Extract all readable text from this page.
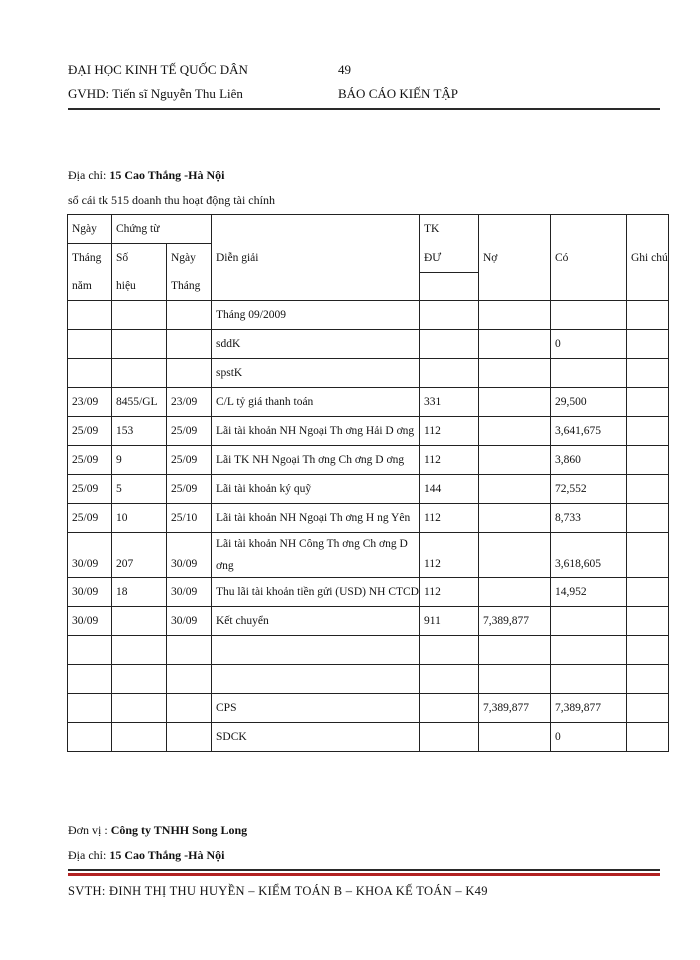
ĐẠI HỌC KINH TẾ QUỐC DÂN	49
GVHD: Tiến sĩ Nguyễn Thu Liên	BÁO CÁO KIẾN TẬP
Địa chỉ: 15 Cao Thắng -Hà Nội
sổ cái tk 515 doanh thu hoạt động tài chính
Ngày	Chứng từ		Diễn giải	TK	Nợ	Có	Ghi chú
Tháng	Số	Ngày		ĐƯ			
năm	hiệu	Tháng					
			Tháng 09/2009				
			sddK			0	
			spstK				
23/09	8455/GL	23/09	C/L tỷ giá thanh toán	331		29,500	
25/09	153	25/09	Lãi tài khoản NH Ngoại Th ơng Hải D ơng	112		3,641,675	
25/09	9	25/09	Lãi TK NH Ngoại Th ơng Ch ơng D ơng	112		3,860	
25/09	5	25/09	Lãi tài khoản ký quỹ	144		72,552	
25/09	10	25/10	Lãi tài khoản NH Ngoại Th ơng H ng Yên	112		8,733	
30/09	207	30/09	Lãi tài khoản NH Công Th ơng Ch ơng D ơng	112		3,618,605	
30/09	18	30/09	Thu lãi tài khoản tiền gửi (USD) NH CTCD	112		14,952	
30/09		30/09	Kết chuyển	911	7,389,877		

			CPS		7,389,877	7,389,877	
			SDCK			0	
Đơn vị : Công ty TNHH Song Long
Địa chỉ: 15 Cao Thắng -Hà Nội
SVTH: ĐINH THỊ THU HUYỀN – KIỂM TOÁN B – KHOA KẾ TOÁN – K49
